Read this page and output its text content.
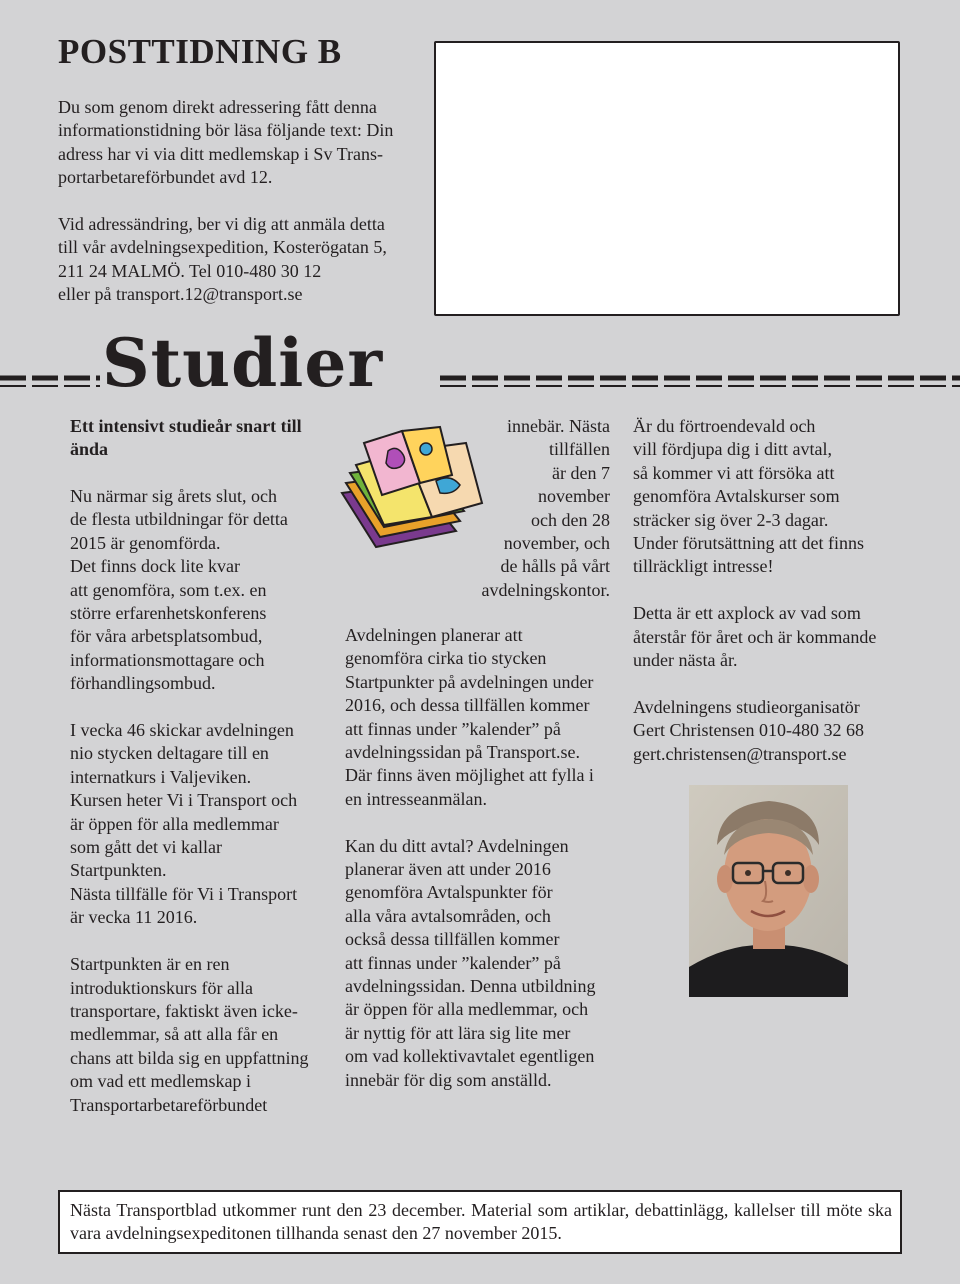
POSTTIDNING B
Du som genom direkt adressering fått denna
informationstidning bör läsa följande text: Din
adress har vi via ditt medlemskap i Sv Trans-
portarbetareförbundet avd 12.
Vid adressändring, ber vi dig att anmäla detta
till vår avdelningsexpedition, Kosterögatan 5,
211 24 MALMÖ. Tel 010-480 30 12
eller på transport.12@transport.se
Studier
Ett intensivt studieår snart till
ända
Nu närmar sig årets slut, och
de flesta utbildningar för detta
2015 är genomförda.
Det finns dock lite kvar
att genomföra, som t.ex. en
större erfarenhetskonferens
för våra arbetsplatsombud,
informationsmottagare och
förhandlingsombud.
I vecka 46 skickar avdelningen
nio stycken deltagare till en
internatkurs i Valjeviken.
Kursen heter Vi i Transport och
är öppen för alla medlemmar
som gått det vi kallar
Startpunkten.
Nästa tillfälle för Vi i Transport
är vecka 11 2016.
Startpunkten är en ren
introduktionskurs för alla
transportare, faktiskt även icke-
medlemmar, så att alla får en
chans att bilda sig en uppfattning
om vad ett medlemskap i
Transportarbetareförbundet
innebär. Nästa
tillfällen
är den 7
november
och den 28
november, och
de hålls på vårt
avdelningskontor.
Avdelningen planerar att
genomföra cirka tio stycken
Startpunkter på avdelningen under
2016, och dessa tillfällen kommer
att finnas under ”kalender” på
avdelningssidan på Transport.se.
Där finns även möjlighet att fylla i
en intresseanmälan.
Kan du ditt avtal? Avdelningen
planerar även att under 2016
genomföra Avtalspunkter för
alla våra avtalsområden, och
också dessa tillfällen kommer
att finnas under ”kalender” på
avdelningssidan. Denna utbildning
är öppen för alla medlemmar, och
är nyttig för att lära sig lite mer
om vad kollektivavtalet egentligen
innebär för dig som anställd.
Är du förtroendevald och
vill fördjupa dig i ditt avtal,
så kommer vi att försöka att
genomföra Avtalskurser som
sträcker sig över 2-3 dagar.
Under förutsättning att det finns
tillräckligt intresse!
Detta är ett axplock av vad som
återstår för året och är kommande
under nästa år.
Avdelningens studieorganisatör
Gert Christensen 010-480 32 68
gert.christensen@transport.se
Nästa Transportblad utkommer runt den 23 december. Material som artiklar, debattinlägg, kallelser till möte ska vara avdelningsexpeditonen tillhanda senast den 27 november 2015.
